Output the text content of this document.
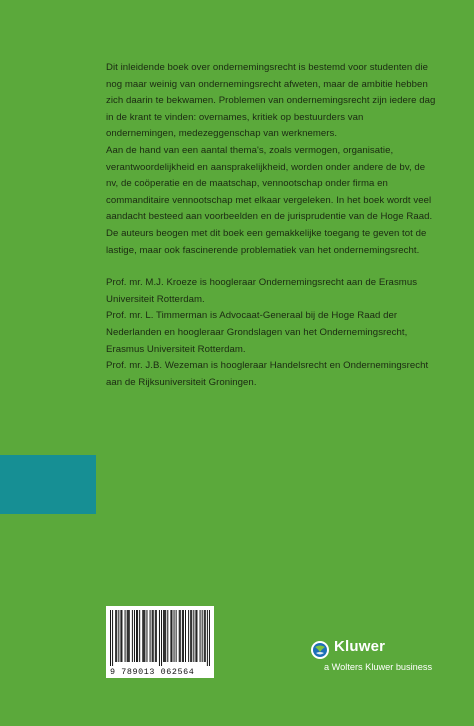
Dit inleidende boek over ondernemingsrecht is bestemd voor studenten die nog maar weinig van ondernemingsrecht afweten, maar de ambitie hebben zich daarin te bekwamen. Problemen van ondernemingsrecht zijn iedere dag in de krant te vinden: overnames, kritiek op bestuurders van ondernemingen, medezeggenschap van werknemers.

Aan de hand van een aantal thema's, zoals vermogen, organisatie, verantwoordelijkheid en aansprakelijkheid, worden onder andere de bv, de nv, de coöperatie en de maatschap, vennootschap onder firma en commanditaire vennootschap met elkaar vergeleken. In het boek wordt veel aandacht besteed aan voorbeelden en de jurisprudentie van de Hoge Raad.

De auteurs beogen met dit boek een gemakkelijke toegang te geven tot de lastige, maar ook fascinerende problematiek van het ondernemingsrecht.

Prof. mr. M.J. Kroeze is hoogleraar Ondernemingsrecht aan de Erasmus Universiteit Rotterdam.

Prof. mr. L. Timmerman is Advocaat-Generaal bij de Hoge Raad der Nederlanden en hoogleraar Grondslagen van het Ondernemingsrecht, Erasmus Universiteit Rotterdam.

Prof. mr. J.B. Wezeman is hoogleraar Handelsrecht en Ondernemingsrecht aan de Rijksuniversiteit Groningen.

9 789013 062564
Kluwer
a Wolters Kluwer business
